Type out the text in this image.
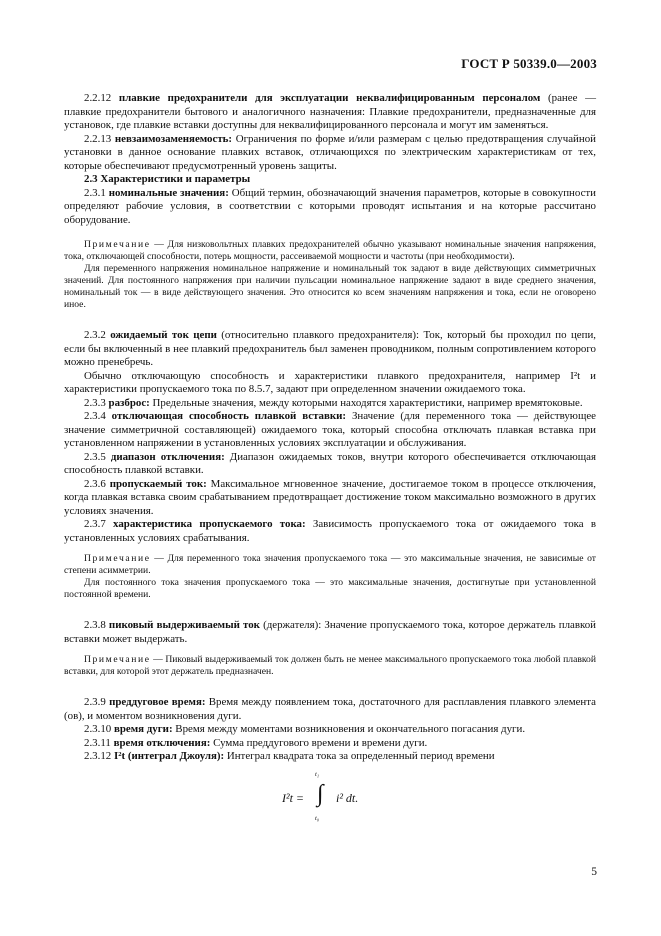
ГОСТ Р 50339.0—2003

2.2.12 плавкие предохранители для эксплуатации неквалифицированным персоналом (ранее — плавкие предохранители бытового и аналогичного назначения: Плавкие предохранители, предназначенные для установок, где плавкие вставки доступны для неквалифицированного персонала и могут им заменяться.

2.2.13 невзаимозаменяемость: Ограничения по форме и/или размерам с целью предотвращения случайной установки в данное основание плавких вставок, отличающихся по электрическим характеристикам от тех, которые обеспечивают предусмотренный уровень защиты.

2.3 Характеристики и параметры

2.3.1 номинальные значения: Общий термин, обозначающий значения параметров, которые в совокупности определяют рабочие условия, в соответствии с которыми проводят испытания и на которые рассчитано оборудование.

Примечание — Для низковольтных плавких предохранителей обычно указывают номинальные значения напряжения, тока, отключающей способности, потерь мощности, рассеиваемой мощности и частоты (при необходимости).

Для переменного напряжения номинальное напряжение и номинальный ток задают в виде действующих симметричных значений. Для постоянного напряжения при наличии пульсации номинальное напряжение задают в виде среднего значения, номинальный ток — в виде действующего значения. Это относится ко всем значениям напряжения и тока, если не оговорено иное.

2.3.2 ожидаемый ток цепи (относительно плавкого предохранителя): Ток, который бы проходил по цепи, если бы включенный в нее плавкий предохранитель был заменен проводником, полным сопротивлением которого можно пренебречь.

Обычно отключающую способность и характеристики плавкого предохранителя, например I²t и характеристики пропускаемого тока по 8.5.7, задают при определенном значении ожидаемого тока.

2.3.3 разброс: Предельные значения, между которыми находятся характеристики, например времятоковые.

2.3.4 отключающая способность плавкой вставки: Значение (для переменного тока — действующее значение симметричной составляющей) ожидаемого тока, который способна отключать плавкая вставка при установленном напряжении в установленных условиях эксплуатации и обслуживания.

2.3.5 диапазон отключения: Диапазон ожидаемых токов, внутри которого обеспечивается отключающая способность плавкой вставки.

2.3.6 пропускаемый ток: Максимальное мгновенное значение, достигаемое током в процессе отключения, когда плавкая вставка своим срабатыванием предотвращает достижение током максимально возможного в других условиях значения.

2.3.7 характеристика пропускаемого тока: Зависимость пропускаемого тока от ожидаемого тока в установленных условиях срабатывания.

Примечание — Для переменного тока значения пропускаемого тока — это максимальные значения, не зависимые от степени асимметрии.

Для постоянного тока значения пропускаемого тока — это максимальные значения, достигнутые при установленной постоянной времени.

2.3.8 пиковый выдерживаемый ток (держателя): Значение пропускаемого тока, которое держатель плавкой вставки может выдержать.

Примечание — Пиковый выдерживаемый ток должен быть не менее максимального пропускаемого тока любой плавкой вставки, для которой этот держатель предназначен.

2.3.9 преддуговое время: Время между появлением тока, достаточного для расплавления плавкого элемента (ов), и моментом возникновения дуги.

2.3.10 время дуги: Время между моментами возникновения и окончательного погасания дуги.

2.3.11 время отключения: Сумма преддугового времени и времени дуги.

2.3.12 I²t (интеграл Джоуля): Интеграл квадрата тока за определенный период времени

I²t =
t₁
∫
t₀
i² dt.
5
